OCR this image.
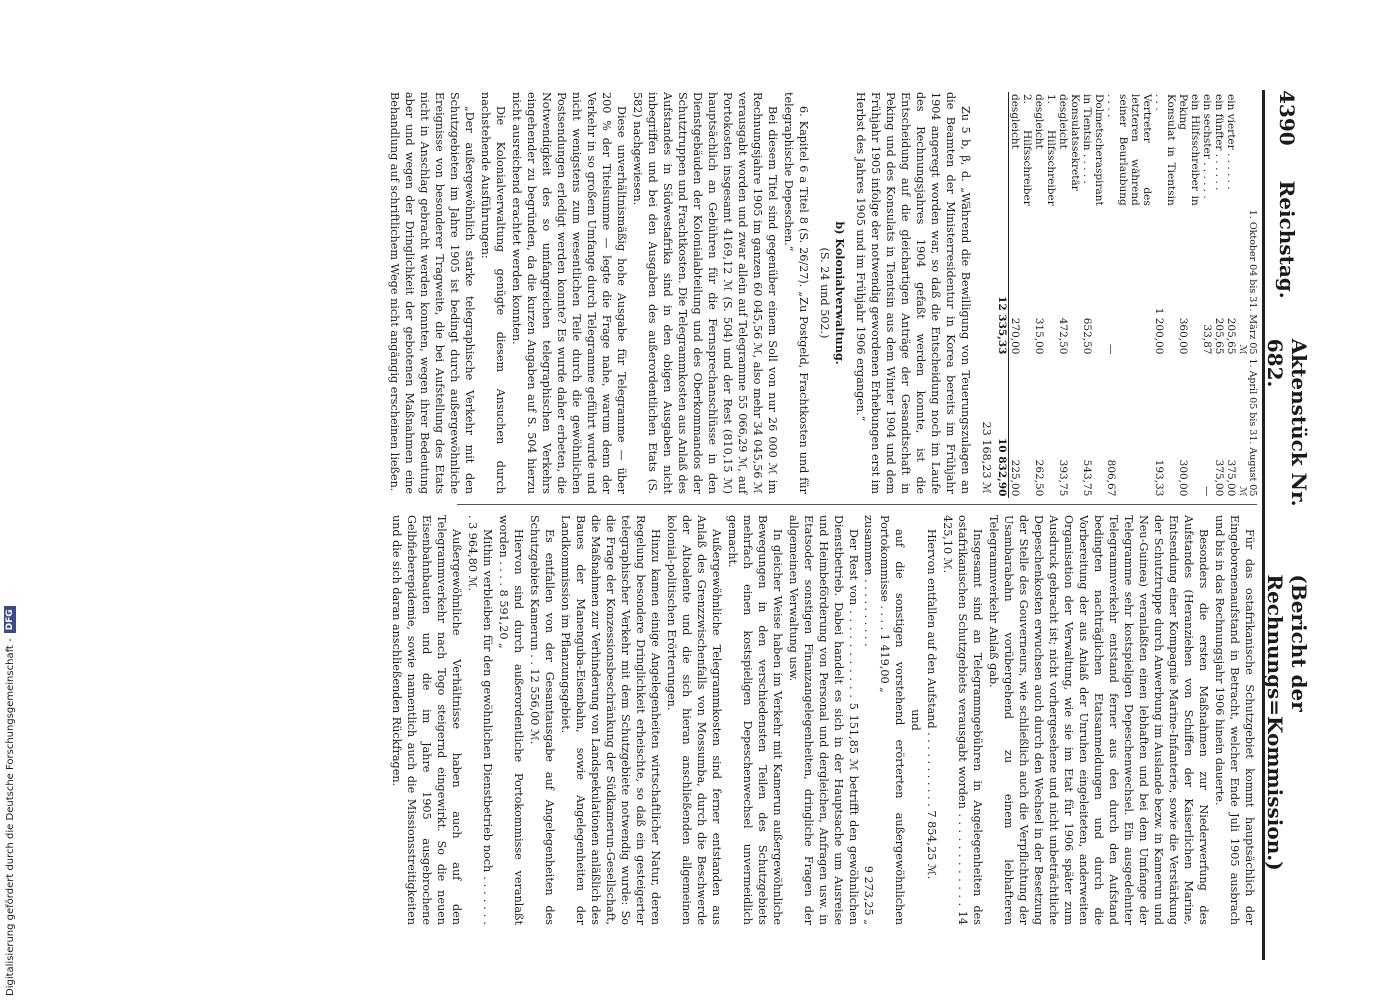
4390
Reichstag.
Aktenstück Nr. 682.
(Bericht der Rechnungs=Kommission.)
	1. Oktober 04 bis 31. März 05	1. April 05 bis 31. August 05
	ℳ	ℳ
ein vierter . . . . . .	205,65	375,00
ein fünfter . . . . . .	205,65	375,00
ein sechster . . . . . .	33,87	—
ein Hilfsschreiber in Peking	360,00	300,00
Konsulat in Tientsin . . .	1 200,00	193,33
Vertreter des letzteren während seiner Beurlaubung . . . .	—	806,67
Dolmetscheraspirant in Tientsin . . . . .	652,50	543,75
Konsulatssekretär desgleicht	472,50	393,75
1. Hilfsschreiber desgleicht	315,00	262,50
2. Hilfsschreiber desgleicht	270,00	225,00
	12 335,33	10 832,90
23 168,23 ℳ

Zu 5 b, β, d. „Während die Bewilligung von Teuerungszulagen an die Beamten der Ministerresidentur in Korea bereits im Frühjahr 1904 angeregt worden war, so daß die Entscheidung noch im Laufe des Rechnungsjahres 1904 gefaßt werden konnte, ist die Entscheidung auf die gleichartigen Anträge der Gesandtschaft in Peking und des Konsulats in Tientsin aus dem Winter 1904 und dem Frühjahr 1905 infolge der notwendig gewordenen Erhebungen erst im Herbst des Jahres 1905 und im Frühjahr 1906 ergangen.“

b) Kolonialverwaltung.

(S. 24 und 502.)

6. Kapitel 6 a Titel 8 (S. 26/27). „Zu Postgeld, Frachtkosten und für telegraphische Depeschen.“

Bei diesem Titel sind gegenüber einem Soll von nur 26 000 ℳ im Rechnungsjahre 1905 im ganzen 60 045,56 ℳ, also mehr 34 045,56 ℳ verausgabt worden und zwar allein auf Telegramme 55 066,29 ℳ, auf Portokosten insgesamt 4169,12 ℳ (S. 504) und der Rest (810,15 ℳ) hauptsächlich an Gebühren für die Fernsprechanschlüsse in den Dienstgebäuden der Kolonialabteilung und des Oberkommandos der Schutztruppen und Frachtkosten. Die Telegrammkosten aus Anlaß des Aufstandes in Südwestafrika sind in den obigen Ausgaben nicht inbegriffen und bei den Ausgaben des außerordentlichen Etats (S. 582) nachgewiesen.

Diese unverhältnismäßig hohe Ausgabe für Telegramme — über 200 % der Titelsumme — legte die Frage nahe, warum denn der Verkehr in so großem Umfange durch Telegramme geführt wurde und nicht wenigstens zum wesentlichen Teile durch die gewöhnlichen Postsendungen erledigt werden konnte? Es wurde daher erbeten, die Notwendigkeit des so umfangreichen telegraphischen Verkehrs eingehender zu begründen, da die kurzen Angaben auf S. 504 hierzu nicht ausreichend erachtet werden konnten.

Die Kolonialverwaltung genügte diesem Ansuchen durch nachstehende Ausführungen:

„Der außergewöhnlich starke telegraphische Verkehr mit den Schutzgebieten im Jahre 1905 ist bedingt durch außergewöhnliche Ereignisse von besonderer Tragweite, die bei Aufstellung des Etats nicht in Anschlag gebracht werden konnten, wegen ihrer Bedeutung aber und wegen der Dringlichkeit der gebotenen Maßnahmen eine Behandlung auf schriftlichem Wege nicht angängig erscheinen ließen.

Für das ostafrikanische Schutzgebiet kommt hauptsächlich der Eingeborenenaufstand in Betracht, welcher Ende Juli 1905 ausbrach und bis in das Rechnungsjahr 1906 hinein dauerte.

Besonders die ersten Maßnahmen zur Niederwerfung des Aufstandes (Heranziehen von Schiffen der Kaiserlichen Marine, Entsendung einer Kompagnie Marine-Infanterie, sowie die Verstärkung der Schutztruppe durch Anwerbung im Auslande bezw. in Kamerun und Neu-Guinea) veranlaßten einen lebhaften und bei dem Umfange der Telegramme sehr kostspieligen Depeschenwechsel. Ein ausgedehnter Telegrammverkehr entstand ferner aus den durch den Aufstand bedingten nachträglichen Etatsanmeldungen und durch die Vorbereitung der aus Anlaß der Unruhen eingeleiteten, anderweiten Organisation der Verwaltung, wie sie im Etat für 1906 später zum Ausdruck gebracht ist; nicht vorhergesehene und nicht unbeträchtliche Depeschenkosten erwuchsen auch durch den Wechsel in der Besetzung der Stelle des Gouverneurs, wie schließlich auch die Verpflichtung der Usambarabahn vorübergehend zu einem lebhafteren Telegrammverkehr Anlaß gab.

Insgesamt sind an Telegrammgebühren in Angelegenheiten des ostafrikanischen Schutzgebiets verausgabt worden . . . . . . . . . . . . 14 425,10 ℳ.

Hiervon entfallen auf den Aufstand . . . . . . . . . . . 7 854,25 ℳ.

und

auf die sonstigen vorstehend erörterten außergewöhnlichen Portokommisse . . . . 1 419,00 „

zusammen . . . . . . . . . .
9 273,25 „

Der Rest von . . . . . . . . . . . 5 151,85 ℳ betrifft den gewöhnlichen Dienstbetrieb. Dabei handelt es sich in der Hauptsache um Ausreise und Heimbeförderung von Personal und dergleichen, Anfragen usw. in Etatsoder sonstigen Finanzangelegenheiten, dringliche Fragen der allgemeinen Verwaltung usw.

In gleicher Weise haben im Verkehr mit Kamerun außergewöhnliche Bewegungen in den verschiedensten Teilen des Schutzgebiets mehrfach einen kostspieligen Depeschenwechsel unvermeidlich gemacht.

Außergewöhnliche Telegrammkosten sind ferner entstanden aus Anlaß des Grenzzwischenfalls von Mossumba, durch die Beschwerde der Altoalente und die sich hieran anschließenden allgemeinen kolonial-politischen Erörterungen.

Hinzu kamen einige Angelegenheiten wirtschaftlicher Natur, deren Regelung besondere Dringlichkeit erheischte, so daß ein gesteigerter telegraphischer Verkehr mit dem Schutzgebiete notwendig wurde: So die Frage der Konzessionsbeschränkung der Südkamerun-Gesellschaft, die Maßnahmen zur Verhinderung von Landspekulationen anläßlich des Baues der Manenguba-Eisenbahn, sowie Angelegenheiten der Landkommission im Pflanzungsgebiet.

Es entfallen von der Gesamtausgabe auf Angelegenheiten des Schutzgebiets Kamerun . . 12 556,00 ℳ.

Hiervon sind durch außerordentliche Portokommisse veranlaßt worden . . . . 8 591,20 „

Mithin verbleiben für den gewöhnlichen Dienstbetrieb noch . . . . . . . . 3 964,80 ℳ.

Außergewöhnliche Verhältnisse haben auch auf den Telegrammverkehr nach Togo steigernd eingewirkt. So die neuen Eisenbahnbauten und die im Jahre 1905 ausgebrochene Gelbfieberepidemie, sowie namentlich auch die Missionsstreitigkeiten und die sich daran anschließenden Rückfragen.

Digitalisierung gefördert durch die Deutsche Forschungsgemeinschaft -
DFG
